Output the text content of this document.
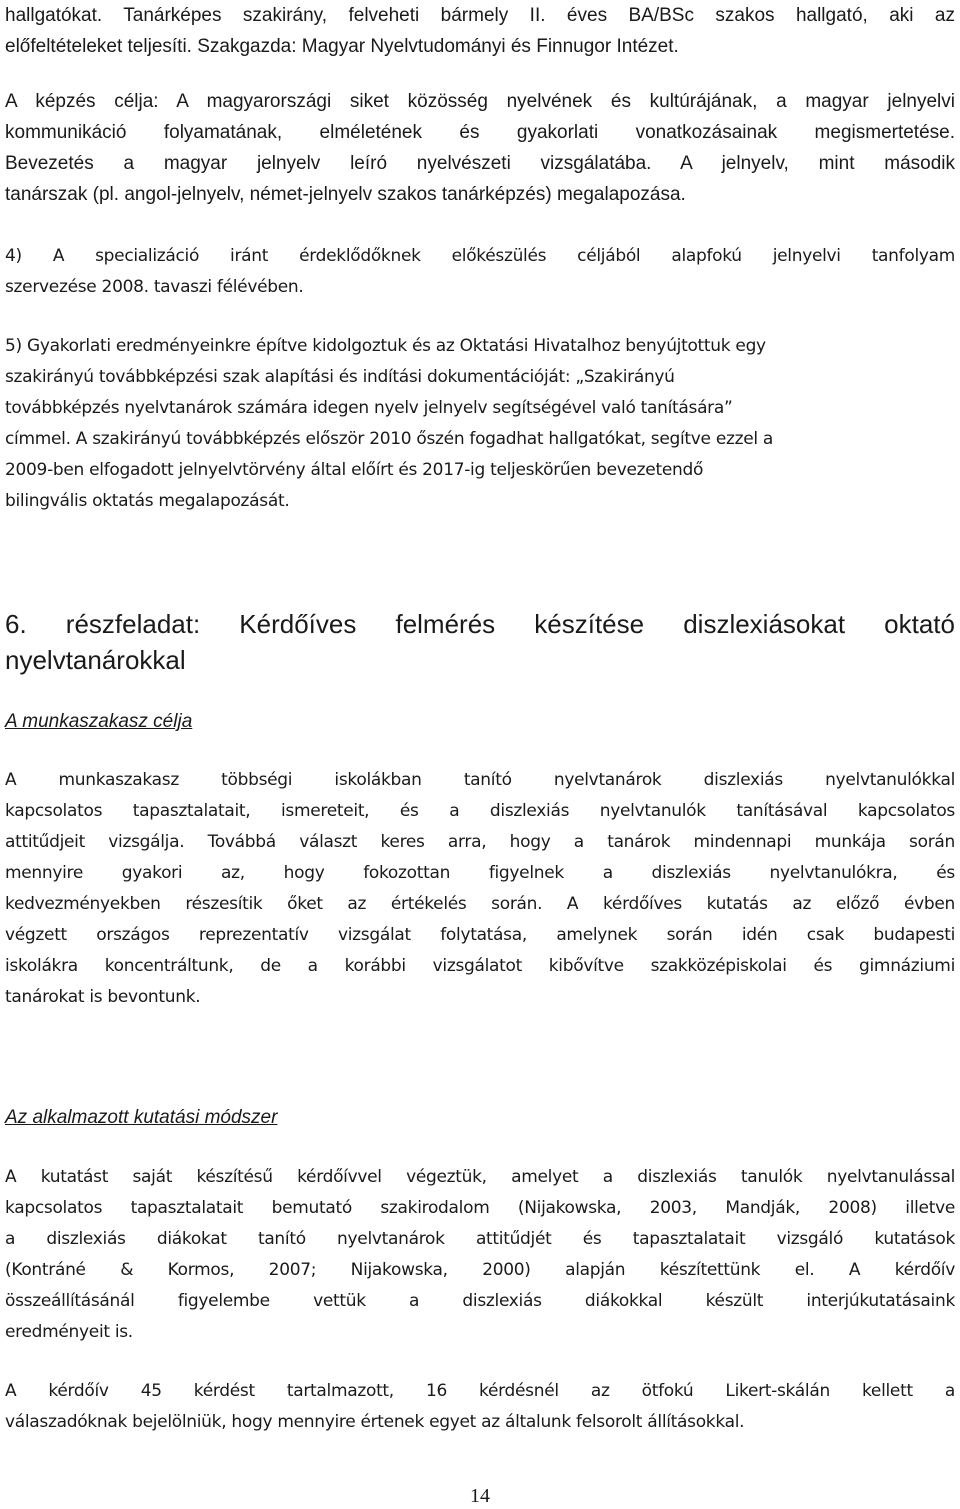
hallgatókat. Tanárképes szakirány, felveheti bármely II. éves BA/BSc szakos hallgató, aki az
előfeltételeket teljesíti. Szakgazda: Magyar Nyelvtudományi és Finnugor Intézet.

A képzés célja: A magyarországi siket közösség nyelvének és kultúrájának, a magyar jelnyelvi
kommunikáció folyamatának, elméletének és gyakorlati vonatkozásainak megismertetése.
Bevezetés a magyar jelnyelv leíró nyelvészeti vizsgálatába. A jelnyelv, mint második
tanárszak (pl. angol-jelnyelv, német-jelnyelv szakos tanárképzés) megalapozása.

4) A specializáció iránt érdeklődőknek előkészülés céljából alapfokú jelnyelvi tanfolyam
szervezése 2008. tavaszi félévében.

5) Gyakorlati eredményeinkre építve kidolgoztuk és az Oktatási Hivatalhoz benyújtottuk egy
szakirányú továbbképzési szak alapítási és indítási dokumentációját: „Szakirányú
továbbképzés nyelvtanárok számára idegen nyelv jelnyelv segítségével való tanítására”
címmel. A szakirányú továbbképzés először 2010 őszén fogadhat hallgatókat, segítve ezzel a
2009-ben elfogadott jelnyelvtörvény által előírt és 2017-ig teljeskörűen bevezetendő
bilingvális oktatás megalapozását.

6. részfeladat: Kérdőíves felmérés készítése diszlexiásokat oktató
nyelvtanárokkal
A munkaszakasz célja

A munkaszakasz többségi iskolákban tanító nyelvtanárok diszlexiás nyelvtanulókkal
kapcsolatos tapasztalatait, ismereteit, és a diszlexiás nyelvtanulók tanításával kapcsolatos
attitűdjeit vizsgálja. Továbbá választ keres arra, hogy a tanárok mindennapi munkája során
mennyire gyakori az, hogy fokozottan figyelnek a diszlexiás nyelvtanulókra, és
kedvezményekben részesítik őket az értékelés során. A kérdőíves kutatás az előző évben
végzett országos reprezentatív vizsgálat folytatása, amelynek során idén csak budapesti
iskolákra koncentráltunk, de a korábbi vizsgálatot kibővítve szakközépiskolai és gimnáziumi
tanárokat is bevontunk.

Az alkalmazott kutatási módszer

A kutatást saját készítésű kérdőívvel végeztük, amelyet a diszlexiás tanulók nyelvtanulással
kapcsolatos tapasztalatait bemutató szakirodalom (Nijakowska, 2003, Mandják, 2008) illetve
a diszlexiás diákokat tanító nyelvtanárok attitűdjét és tapasztalatait vizsgáló kutatások
(Kontráné & Kormos, 2007; Nijakowska, 2000) alapján készítettünk el. A kérdőív
összeállításánál figyelembe vettük a diszlexiás diákokkal készült interjúkutatásaink
eredményeit is.

A kérdőív 45 kérdést tartalmazott, 16 kérdésnél az ötfokú Likert-skálán kellett a
válaszadóknak bejelölniük, hogy mennyire értenek egyet az általunk felsorolt állításokkal.

14
